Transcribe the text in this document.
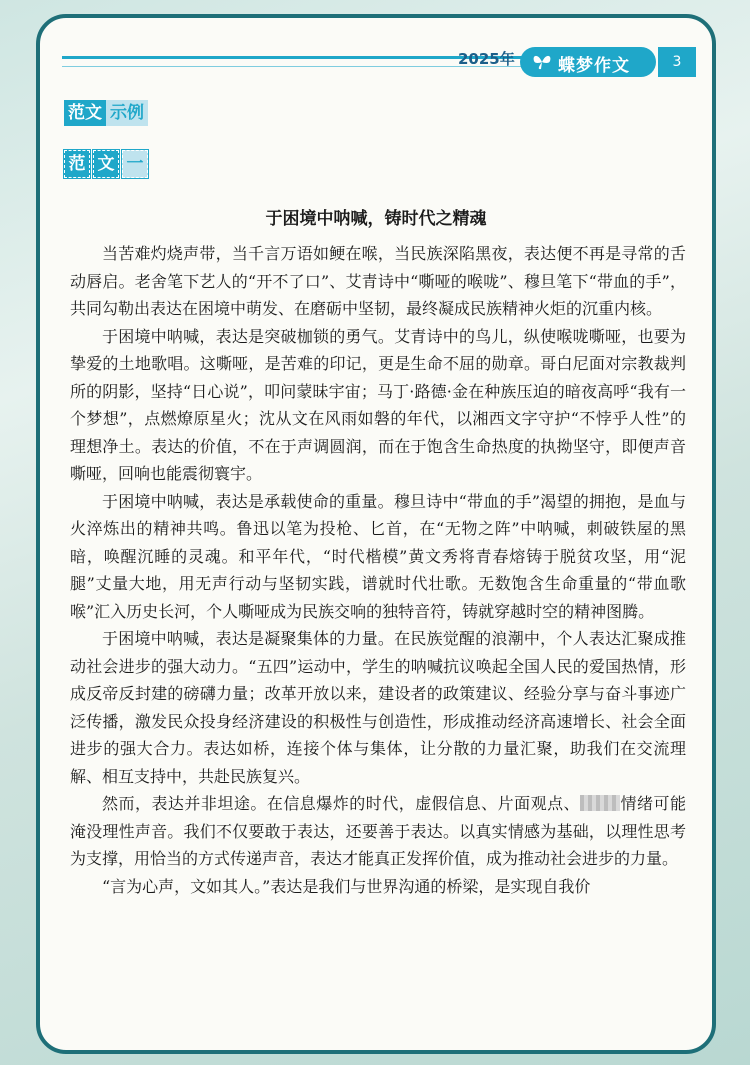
2025年	蝶梦作文	3
范文 示例
范 文 一
于困境中呐喊，铸时代之精魂

当苦难灼烧声带，当千言万语如鲠在喉，当民族深陷黑夜，表达便不再是寻常的舌动唇启。老舍笔下艺人的“开不了口”、艾青诗中“嘶哑的喉咙”、穆旦笔下“带血的手”，共同勾勒出表达在困境中萌发、在磨砺中坚韧，最终凝成民族精神火炬的沉重内核。

于困境中呐喊，表达是突破枷锁的勇气。艾青诗中的鸟儿，纵使喉咙嘶哑，也要为挚爱的土地歌唱。这嘶哑，是苦难的印记，更是生命不屈的勋章。哥白尼面对宗教裁判所的阴影，坚持“日心说”，叩问蒙昧宇宙；马丁·路德·金在种族压迫的暗夜高呼“我有一个梦想”，点燃燎原星火；沈从文在风雨如磐的年代，以湘西文字守护“不悖乎人性”的理想净土。表达的价值，不在于声调圆润，而在于饱含生命热度的执拗坚守，即便声音嘶哑，回响也能震彻寰宇。

于困境中呐喊，表达是承载使命的重量。穆旦诗中“带血的手”渴望的拥抱，是血与火淬炼出的精神共鸣。鲁迅以笔为投枪、匕首，在“无物之阵”中呐喊，刺破铁屋的黑暗，唤醒沉睡的灵魂。和平年代，“时代楷模”黄文秀将青春熔铸于脱贫攻坚，用“泥腿”丈量大地，用无声行动与坚韧实践，谱就时代壮歌。无数饱含生命重量的“带血歌喉”汇入历史长河，个人嘶哑成为民族交响的独特音符，铸就穿越时空的精神图腾。

于困境中呐喊，表达是凝聚集体的力量。在民族觉醒的浪潮中，个人表达汇聚成推动社会进步的强大动力。“五四”运动中，学生的呐喊抗议唤起全国人民的爱国热情，形成反帝反封建的磅礴力量；改革开放以来，建设者的政策建议、经验分享与奋斗事迹广泛传播，激发民众投身经济建设的积极性与创造性，形成推动经济高速增长、社会全面进步的强大合力。表达如桥，连接个体与集体，让分散的力量汇聚，助我们在交流理解、相互支持中，共赴民族复兴。

然而，表达并非坦途。在信息爆炸的时代，虚假信息、片面观点、	情绪可能淹没理性声音。我们不仅要敢于表达，还要善于表达。以真实情感为基础，以理性思考为支撑，用恰当的方式传递声音，表达才能真正发挥价值，成为推动社会进步的力量。

“言为心声，文如其人。”表达是我们与世界沟通的桥梁，是实现自我价
